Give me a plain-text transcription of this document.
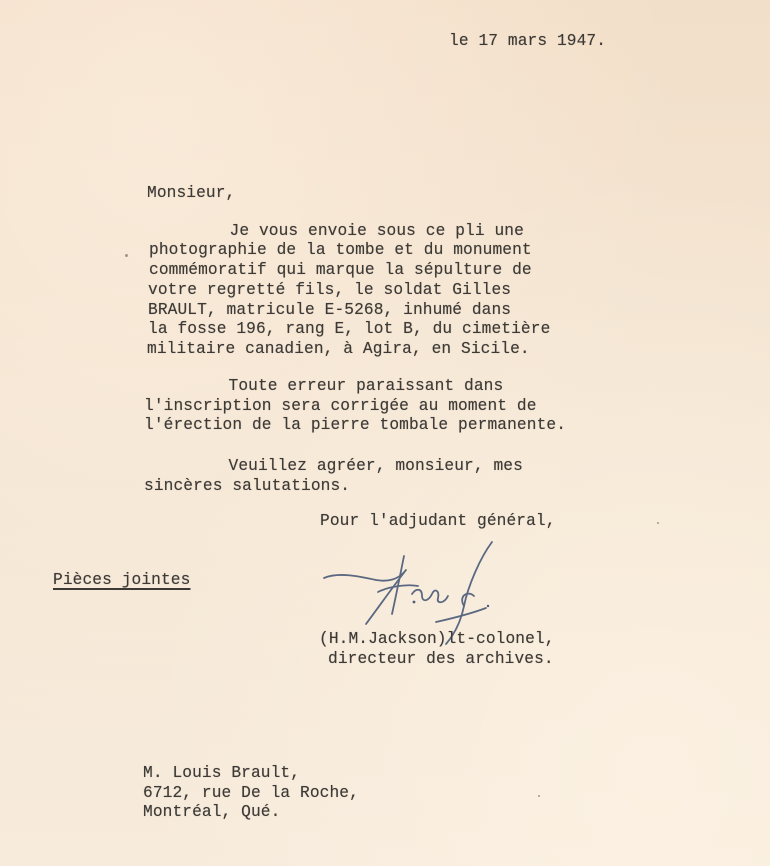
le 17 mars 1947.
Monsieur,
Je vous envoie sous ce pli une
photographie de la tombe et du monument
commémoratif qui marque la sépulture de
votre regretté fils, le soldat Gilles
BRAULT, matricule E-5268, inhumé dans
la fosse 196, rang E, lot B, du cimetière
militaire canadien, à Agira, en Sicile.
Toute erreur paraissant dans
l'inscription sera corrigée au moment de
l'érection de la pierre tombale permanente.
Veuillez agréer, monsieur, mes
sincères salutations.
Pour l'adjudant général,
Pièces jointes
(H.M.Jackson)lt-colonel,
directeur des archives.
M. Louis Brault,
6712, rue De la Roche,
Montréal, Qué.
